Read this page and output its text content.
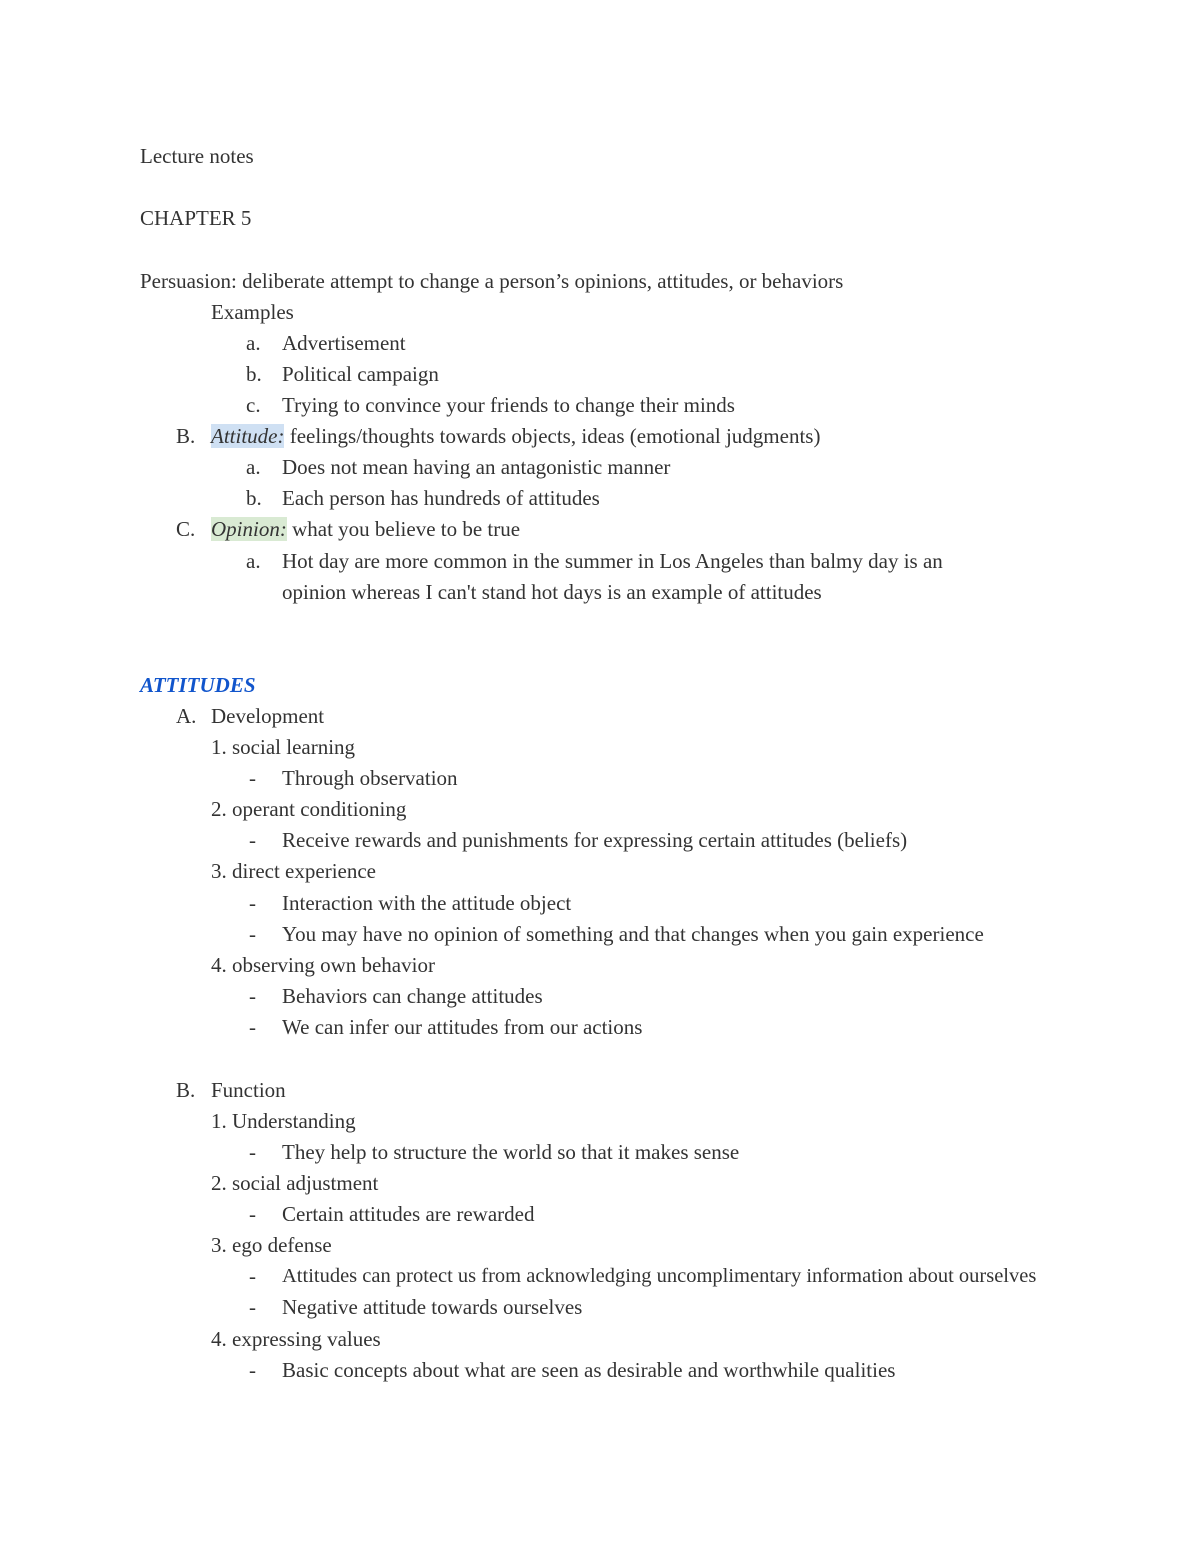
Lecture notes
CHAPTER 5
Persuasion: deliberate attempt to change a person’s opinions, attitudes, or behaviors
Examples
a. Advertisement
b. Political campaign
c. Trying to convince your friends to change their minds
B. Attitude: feelings/thoughts towards objects, ideas (emotional judgments)
a. Does not mean having an antagonistic manner
b. Each person has hundreds of attitudes
C. Opinion: what you believe to be true
a. Hot day are more common in the summer in Los Angeles than balmy day is an
opinion whereas I can't stand hot days is an example of attitudes
ATTITUDES
A. Development
1. social learning
- Through observation
2. operant conditioning
- Receive rewards and punishments for expressing certain attitudes (beliefs)
3. direct experience
- Interaction with the attitude object
- You may have no opinion of something and that changes when you gain experience
4. observing own behavior
- Behaviors can change attitudes
- We can infer our attitudes from our actions
B. Function
1. Understanding
- They help to structure the world so that it makes sense
2. social adjustment
- Certain attitudes are rewarded
3. ego defense
- Attitudes can protect us from acknowledging uncomplimentary information about ourselves
- Negative attitude towards ourselves
4. expressing values
- Basic concepts about what are seen as desirable and worthwhile qualities
